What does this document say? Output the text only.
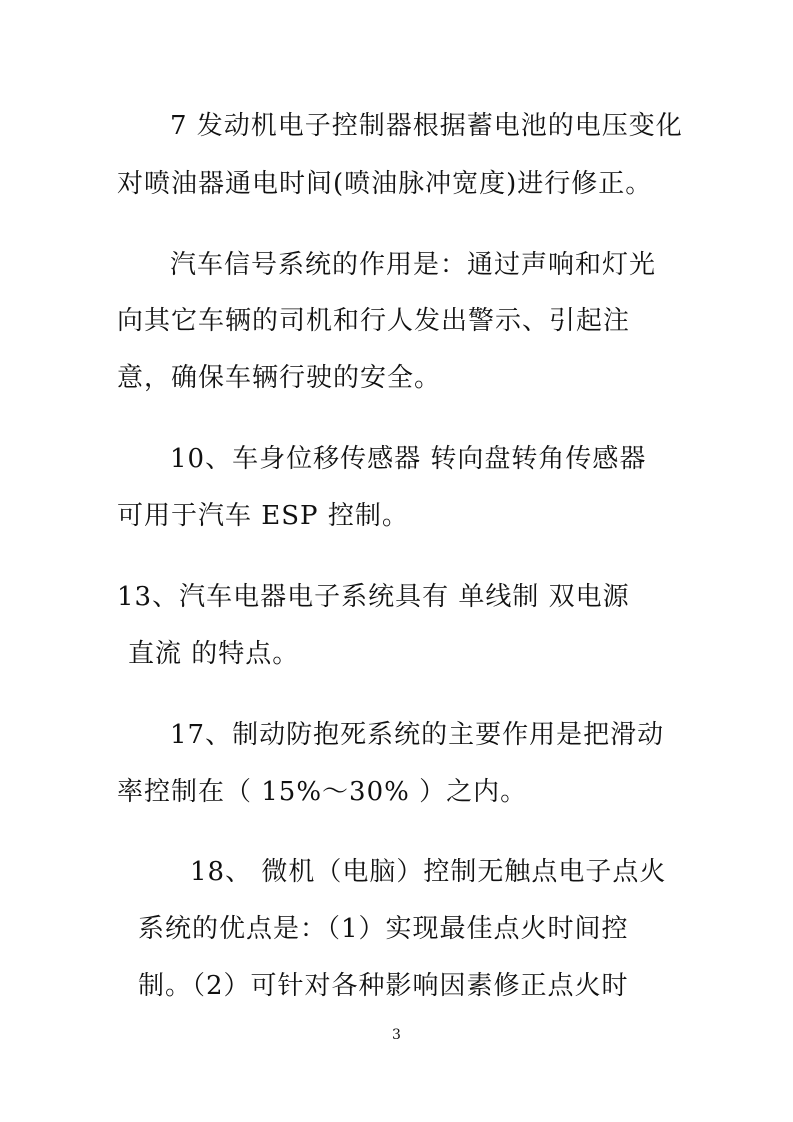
7 发动机电子控制器根据蓄电池的电压变化

对喷油器通电时间(喷油脉冲宽度)进行修正。

汽车信号系统的作用是：通过声响和灯光

向其它车辆的司机和行人发出警示、引起注

意，确保车辆行驶的安全。

10、车身位移传感器 转向盘转角传感器

可用于汽车 ESP 控制。

13、汽车电器电子系统具有 单线制 双电源

直流 的特点。

17、制动防抱死系统的主要作用是把滑动

率控制在（ 15%～30% ）之内。

18、 微机（电脑）控制无触点电子点火

系统的优点是：（1）实现最佳点火时间控

制。（2）可针对各种影响因素修正点火时

3
